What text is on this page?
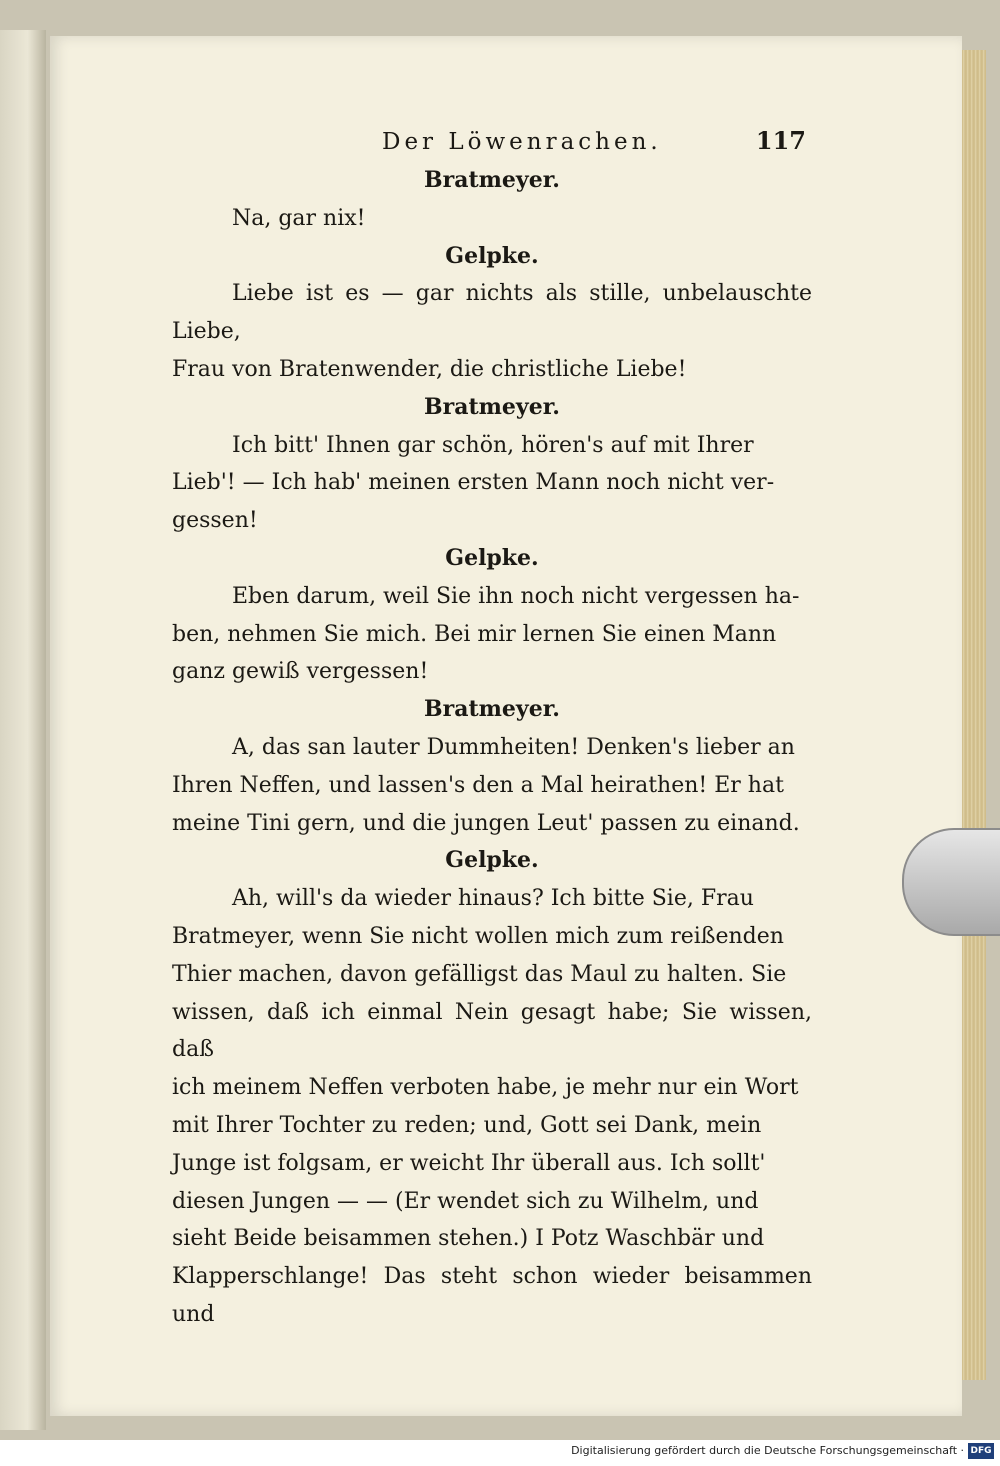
Der Löwenrachen.	117
Bratmeyer.

Na, gar nix!

Gelpke.

Liebe ist es — gar nichts als stille, unbelauschte Liebe,

Frau von Bratenwender, die christliche Liebe!

Bratmeyer.

Ich bitt' Ihnen gar schön, hören's auf mit Ihrer

Lieb'! — Ich hab' meinen ersten Mann noch nicht ver-

gessen!

Gelpke.

Eben darum, weil Sie ihn noch nicht vergessen ha-

ben, nehmen Sie mich. Bei mir lernen Sie einen Mann

ganz gewiß vergessen!

Bratmeyer.

A, das san lauter Dummheiten! Denken's lieber an

Ihren Neffen, und lassen's den a Mal heirathen! Er hat

meine Tini gern, und die jungen Leut' passen zu einand.

Gelpke.

Ah, will's da wieder hinaus? Ich bitte Sie, Frau

Bratmeyer, wenn Sie nicht wollen mich zum reißenden

Thier machen, davon gefälligst das Maul zu halten. Sie

wissen, daß ich einmal Nein gesagt habe; Sie wissen, daß

ich meinem Neffen verboten habe, je mehr nur ein Wort

mit Ihrer Tochter zu reden; und, Gott sei Dank, mein

Junge ist folgsam, er weicht Ihr überall aus. Ich sollt'

diesen Jungen — — (Er wendet sich zu Wilhelm, und

sieht Beide beisammen stehen.) I Potz Waschbär und

Klapperschlange! Das steht schon wieder beisammen und

Digitalisierung gefördert durch die Deutsche Forschungsgemeinschaft · DFG
